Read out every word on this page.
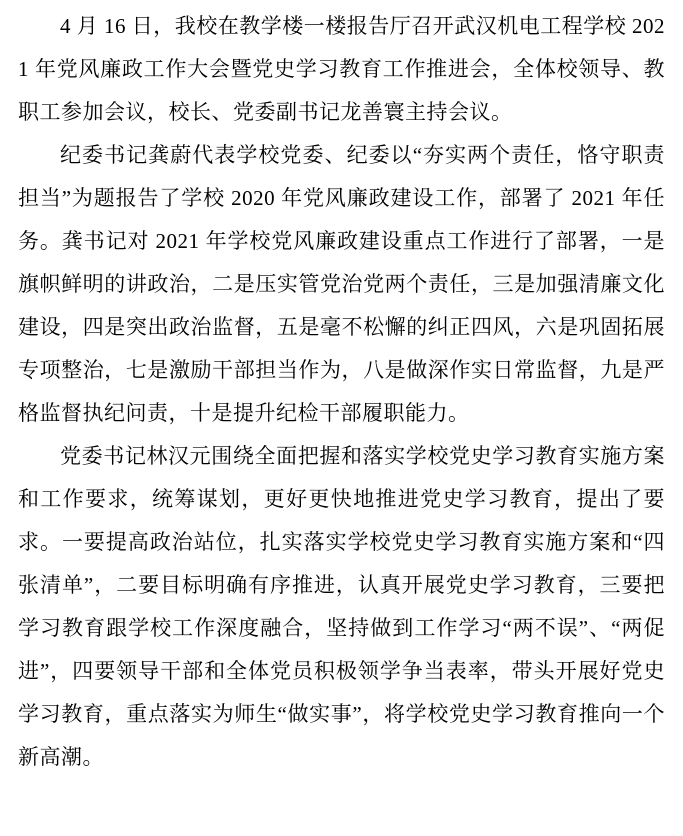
4 月 16 日，我校在教学楼一楼报告厅召开武汉机电工程学校 2021 年党风廉政工作大会暨党史学习教育工作推进会，全体校领导、教职工参加会议，校长、党委副书记龙善寰主持会议。

纪委书记龚蔚代表学校党委、纪委以“夯实两个责任，恪守职责担当”为题报告了学校 2020 年党风廉政建设工作，部署了 2021 年任务。龚书记对 2021 年学校党风廉政建设重点工作进行了部署，一是旗帜鲜明的讲政治，二是压实管党治党两个责任，三是加强清廉文化建设，四是突出政治监督，五是毫不松懈的纠正四风，六是巩固拓展专项整治，七是激励干部担当作为，八是做深作实日常监督，九是严格监督执纪问责，十是提升纪检干部履职能力。

党委书记林汉元围绕全面把握和落实学校党史学习教育实施方案和工作要求，统筹谋划，更好更快地推进党史学习教育，提出了要求。一要提高政治站位，扎实落实学校党史学习教育实施方案和“四张清单”，二要目标明确有序推进，认真开展党史学习教育，三要把学习教育跟学校工作深度融合，坚持做到工作学习“两不误”、“两促进”，四要领导干部和全体党员积极领学争当表率，带头开展好党史学习教育，重点落实为师生“做实事”，将学校党史学习教育推向一个新高潮。
